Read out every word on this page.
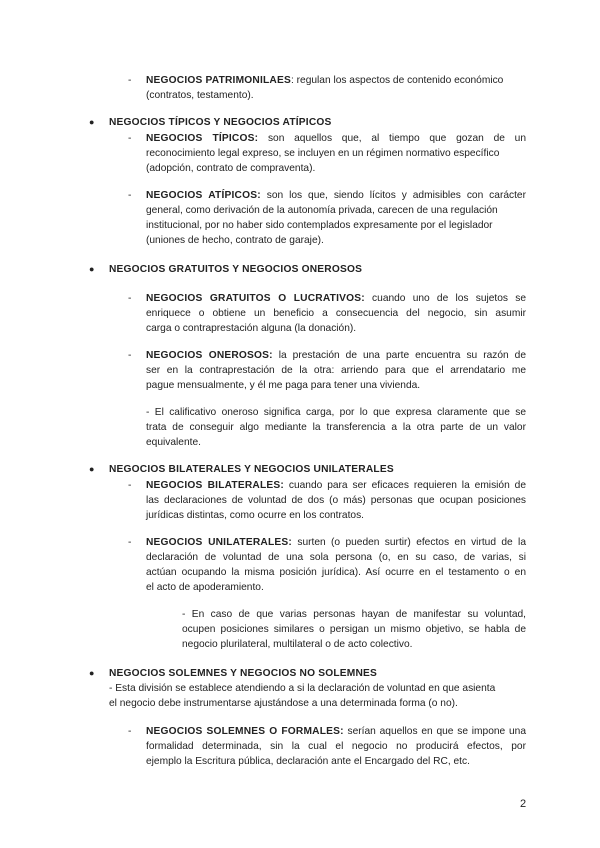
- NEGOCIOS PATRIMONILAES: regulan los aspectos de contenido económico
(contratos, testamento).
● NEGOCIOS TÍPICOS Y NEGOCIOS ATÍPICOS
- NEGOCIOS TÍPICOS: son aquellos que, al tiempo que gozan de un
reconocimiento legal expreso, se incluyen en un régimen normativo específico
(adopción, contrato de compraventa).
- NEGOCIOS ATÍPICOS: son los que, siendo lícitos y admisibles con carácter
general, como derivación de la autonomía privada, carecen de una regulación
institucional, por no haber sido contemplados expresamente por el legislador
(uniones de hecho, contrato de garaje).
● NEGOCIOS GRATUITOS Y NEGOCIOS ONEROSOS
- NEGOCIOS GRATUITOS O LUCRATIVOS: cuando uno de los sujetos se
enriquece o obtiene un beneficio a consecuencia del negocio, sin asumir
carga o contraprestación alguna (la donación).
- NEGOCIOS ONEROSOS: la prestación de una parte encuentra su razón de
ser en la contraprestación de la otra: arriendo para que el arrendatario me
pague mensualmente, y él me paga para tener una vivienda.
- El calificativo oneroso significa carga, por lo que expresa claramente que se
trata de conseguir algo mediante la transferencia a la otra parte de un valor
equivalente.
● NEGOCIOS BILATERALES Y NEGOCIOS UNILATERALES
- NEGOCIOS BILATERALES: cuando para ser eficaces requieren la emisión de
las declaraciones de voluntad de dos (o más) personas que ocupan posiciones
jurídicas distintas, como ocurre en los contratos.
- NEGOCIOS UNILATERALES: surten (o pueden surtir) efectos en virtud de la
declaración de voluntad de una sola persona (o, en su caso, de varias, si
actúan ocupando la misma posición jurídica). Así ocurre en el testamento o en
el acto de apoderamiento.
- En caso de que varias personas hayan de manifestar su voluntad,
ocupen posiciones similares o persigan un mismo objetivo, se habla de
negocio plurilateral, multilateral o de acto colectivo.
● NEGOCIOS SOLEMNES Y NEGOCIOS NO SOLEMNES
- Esta división se establece atendiendo a si la declaración de voluntad en que asienta
el negocio debe instrumentarse ajustándose a una determinada forma (o no).
- NEGOCIOS SOLEMNES O FORMALES: serían aquellos en que se impone una
formalidad determinada, sin la cual el negocio no producirá efectos, por
ejemplo la Escritura pública, declaración ante el Encargado del RC, etc.
2
